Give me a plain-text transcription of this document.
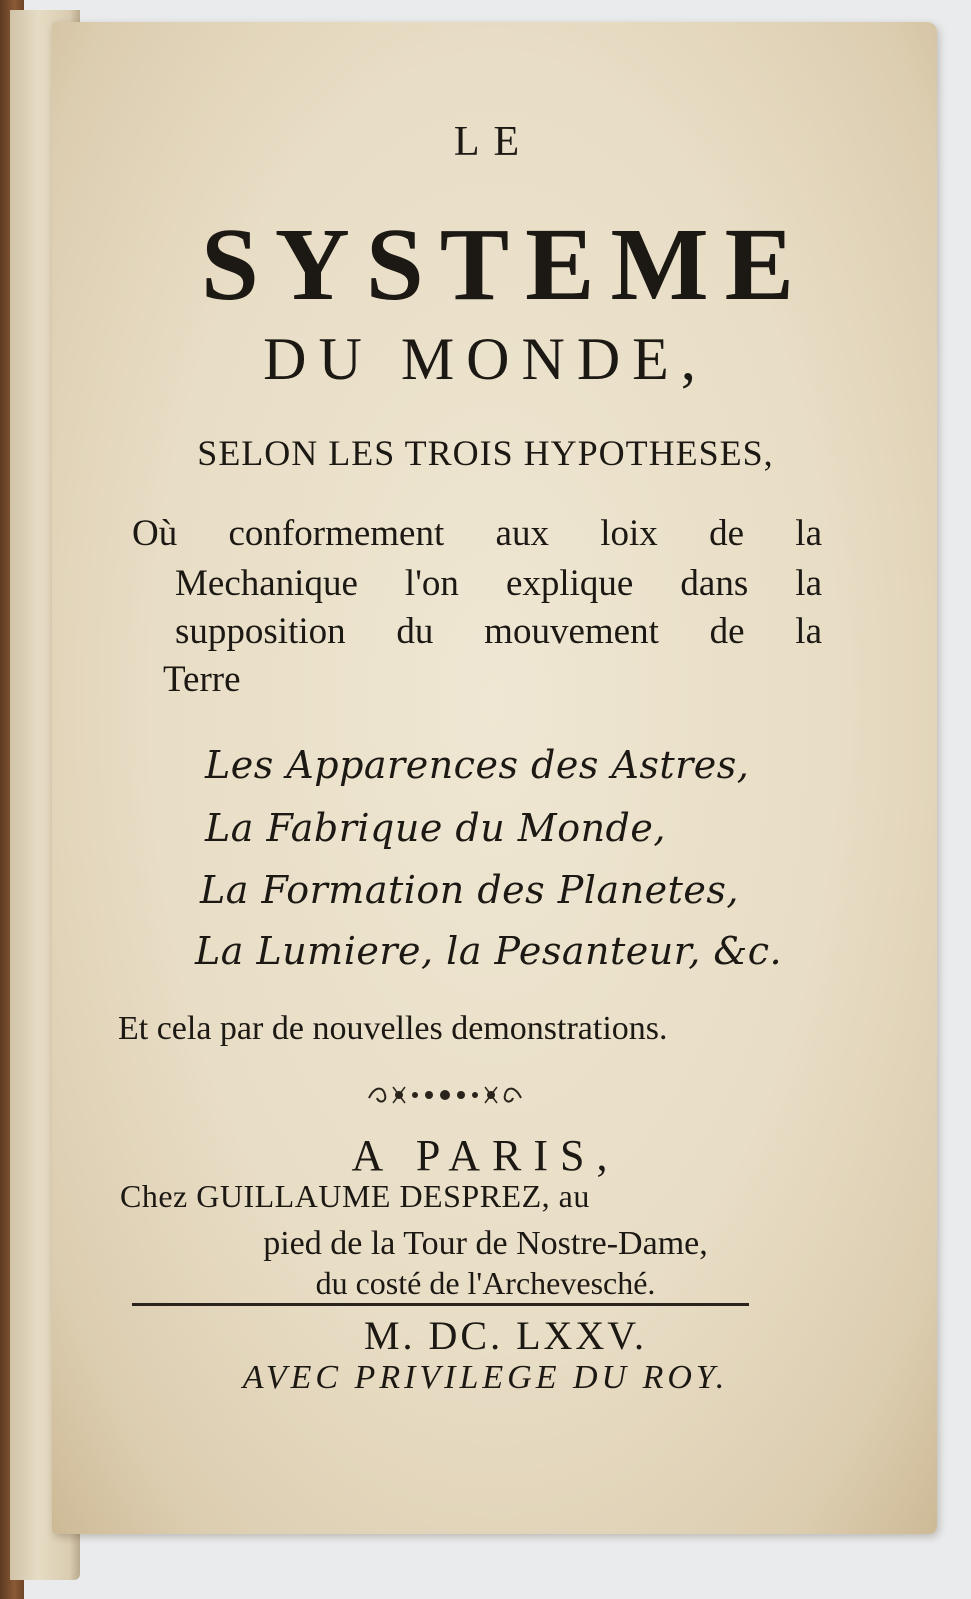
LE

SYSTEME

DU MONDE,

SELON LES TROIS HYPOTHESES,

Où conformement aux loix de la

Mechanique l'on explique dans la

supposition du mouvement de la

Terre

Les Apparences des Astres,

La Fabrique du Monde,

La Formation des Planetes,

La Lumiere, la Pesanteur, &c.

Et cela par de nouvelles demonstrations.

A PARIS,

Chez GUILLAUME DESPREZ, au

pied de la Tour de Nostre-Dame,

du costé de l'Archevesché.

M. DC. LXXV.

AVEC PRIVILEGE DU ROY.
